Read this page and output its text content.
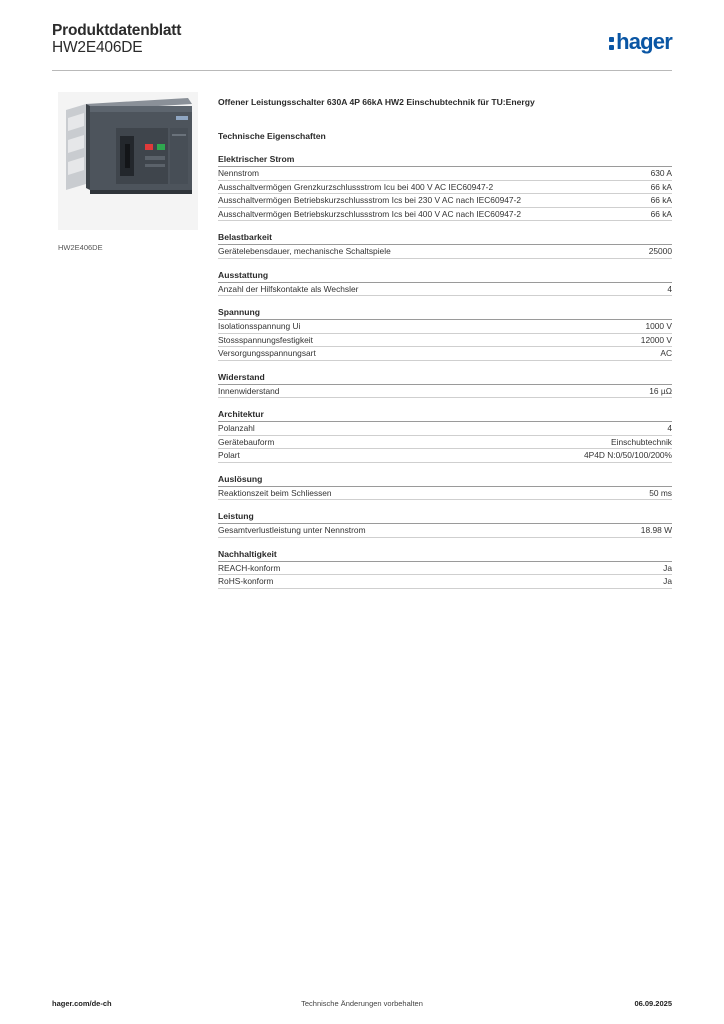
Produktdatenblatt
HW2E406DE	hager
HW2E406DE
Offener Leistungsschalter 630A 4P 66kA HW2 Einschubtechnik für TU:Energy
Technische Eigenschaften
Elektrischer Strom
Nennstrom	630 A
Ausschaltvermögen Grenzkurzschlussstrom Icu bei 400 V AC IEC60947-2	66 kA
Ausschaltvermögen Betriebskurzschlussstrom Ics bei 230 V AC nach IEC60947-2	66 kA
Ausschaltvermögen Betriebskurzschlussstrom Ics bei 400 V AC nach IEC60947-2	66 kA
Belastbarkeit
Gerätelebensdauer, mechanische Schaltspiele	25000
Ausstattung
Anzahl der Hilfskontakte als Wechsler	4
Spannung
Isolationsspannung Ui	1000 V
Stossspannungsfestigkeit	12000 V
Versorgungsspannungsart	AC
Widerstand
Innenwiderstand	16 µΩ
Architektur
Polanzahl	4
Gerätebauform	Einschubtechnik
Polart	4P4D N:0/50/100/200%
Auslösung
Reaktionszeit beim Schliessen	50 ms
Leistung
Gesamtverlustleistung unter Nennstrom	18.98 W
Nachhaltigkeit
REACH-konform	Ja
RoHS-konform	Ja
hager.com/de-ch	Technische Änderungen vorbehalten	06.09.2025
